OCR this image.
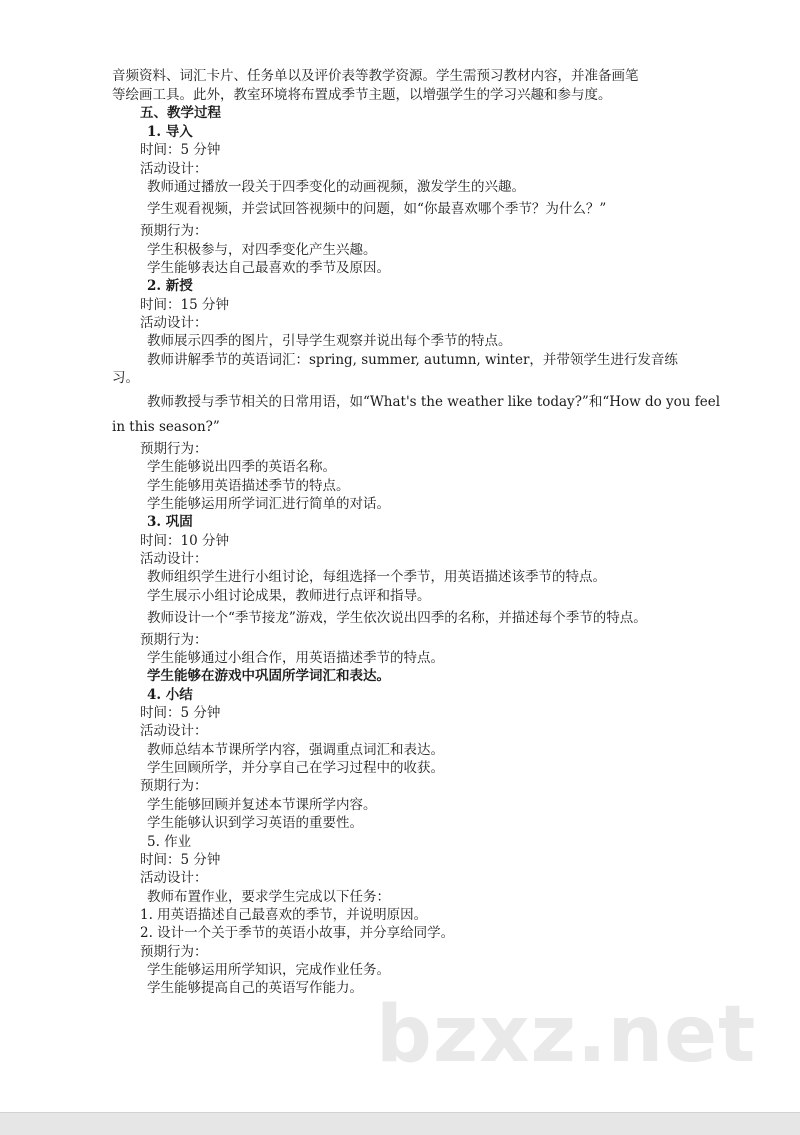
音频资料、词汇卡片、任务单以及评价表等教学资源。学生需预习教材内容，并准备画笔
等绘画工具。此外，教室环境将布置成季节主题，以增强学生的学习兴趣和参与度。
五、教学过程
1. 导入
时间：5 分钟
活动设计：
教师通过播放一段关于四季变化的动画视频，激发学生的兴趣。
学生观看视频，并尝试回答视频中的问题，如“你最喜欢哪个季节？为什么？”
预期行为：
学生积极参与，对四季变化产生兴趣。
学生能够表达自己最喜欢的季节及原因。
2. 新授
时间：15 分钟
活动设计：
教师展示四季的图片，引导学生观察并说出每个季节的特点。
教师讲解季节的英语词汇：spring, summer, autumn, winter，并带领学生进行发音练
习。
教师教授与季节相关的日常用语，如“What's the weather like today?”和“How do you feel
in this season?”
预期行为：
学生能够说出四季的英语名称。
学生能够用英语描述季节的特点。
学生能够运用所学词汇进行简单的对话。
3. 巩固
时间：10 分钟
活动设计：
教师组织学生进行小组讨论，每组选择一个季节，用英语描述该季节的特点。
学生展示小组讨论成果，教师进行点评和指导。
教师设计一个“季节接龙”游戏，学生依次说出四季的名称，并描述每个季节的特点。
预期行为：
学生能够通过小组合作，用英语描述季节的特点。
学生能够在游戏中巩固所学词汇和表达。
4. 小结
时间：5 分钟
活动设计：
教师总结本节课所学内容，强调重点词汇和表达。
学生回顾所学，并分享自己在学习过程中的收获。
预期行为：
学生能够回顾并复述本节课所学内容。
学生能够认识到学习英语的重要性。
5. 作业
时间：5 分钟
活动设计：
教师布置作业，要求学生完成以下任务：
1. 用英语描述自己最喜欢的季节，并说明原因。
2. 设计一个关于季节的英语小故事，并分享给同学。
预期行为：
学生能够运用所学知识，完成作业任务。
学生能够提高自己的英语写作能力。
bzxz.net
